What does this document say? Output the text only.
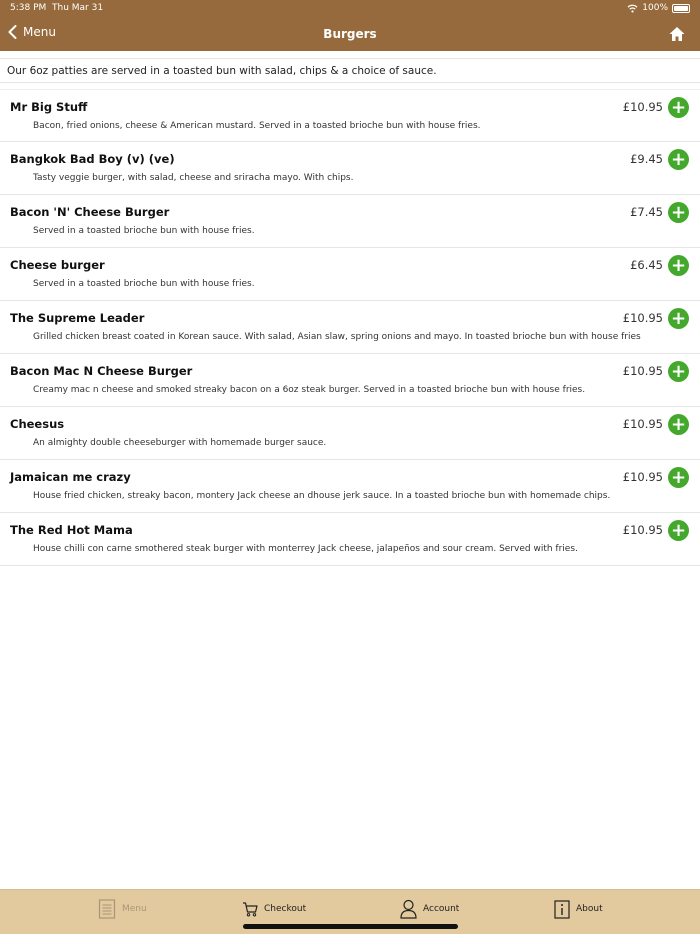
5:38 PM Thu Mar 31	100%
Menu	Burgers
Our 6oz patties are served in a toasted bun with salad, chips & a choice of sauce.
Mr Big Stuff
Bacon, fried onions, cheese & American mustard. Served in a toasted brioche bun with house fries.
£10.95 +
Bangkok Bad Boy (v) (ve)
Tasty veggie burger, with salad, cheese and sriracha mayo. With chips.
£9.45 +
Bacon 'N' Cheese Burger
Served in a toasted brioche bun with house fries.
£7.45 +
Cheese burger
Served in a toasted brioche bun with house fries.
£6.45 +
The Supreme Leader
Grilled chicken breast coated in Korean sauce. With salad, Asian slaw, spring onions and mayo. In toasted brioche bun with house fries
£10.95 +
Bacon Mac N Cheese Burger
Creamy mac n cheese and smoked streaky bacon on a 6oz steak burger. Served in a toasted brioche bun with house fries.
£10.95 +
Cheesus
An almighty double cheeseburger with homemade burger sauce.
£10.95 +
Jamaican me crazy
House fried chicken, streaky bacon, montery Jack cheese an dhouse jerk sauce. In a toasted brioche bun with homemade chips.
£10.95 +
The Red Hot Mama
House chilli con carne smothered steak burger with monterrey Jack cheese, jalapeños and sour cream. Served with fries.
£10.95 +
Menu	Checkout	Account	About
